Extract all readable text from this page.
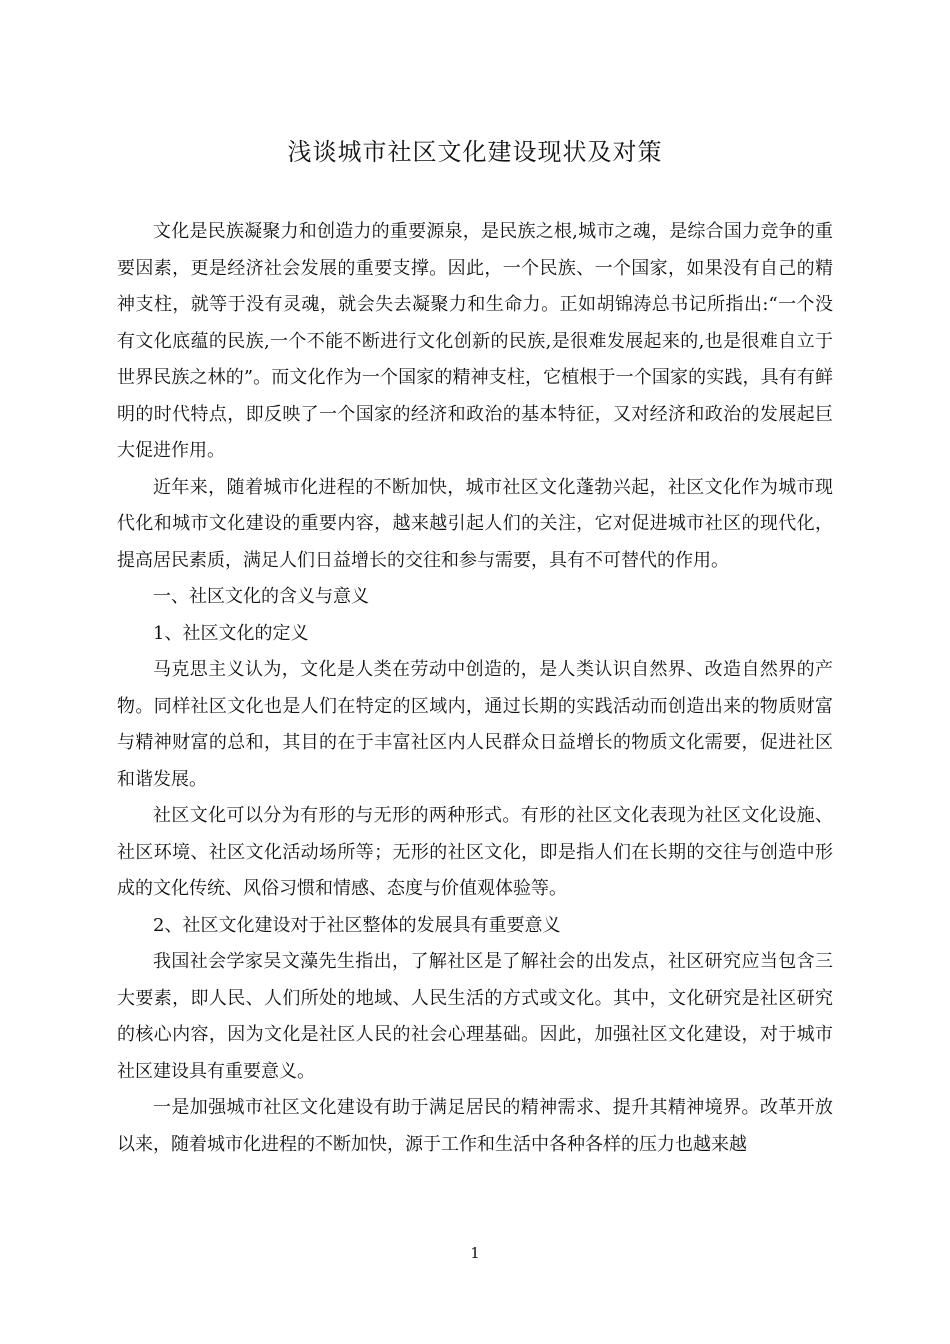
浅谈城市社区文化建设现状及对策

文化是民族凝聚力和创造力的重要源泉，是民族之根,城市之魂，是综合国力竞争的重要因素，更是经济社会发展的重要支撑。因此，一个民族、一个国家，如果没有自己的精神支柱，就等于没有灵魂，就会失去凝聚力和生命力。正如胡锦涛总书记所指出:“一个没有文化底蕴的民族,一个不能不断进行文化创新的民族,是很难发展起来的,也是很难自立于世界民族之林的”。而文化作为一个国家的精神支柱，它植根于一个国家的实践，具有有鲜明的时代特点，即反映了一个国家的经济和政治的基本特征，又对经济和政治的发展起巨大促进作用。

近年来，随着城市化进程的不断加快，城市社区文化蓬勃兴起，社区文化作为城市现代化和城市文化建设的重要内容，越来越引起人们的关注，它对促进城市社区的现代化，提高居民素质，满足人们日益增长的交往和参与需要，具有不可替代的作用。

一、社区文化的含义与意义

1、社区文化的定义

马克思主义认为，文化是人类在劳动中创造的，是人类认识自然界、改造自然界的产物。同样社区文化也是人们在特定的区域内，通过长期的实践活动而创造出来的物质财富与精神财富的总和，其目的在于丰富社区内人民群众日益增长的物质文化需要，促进社区和谐发展。

社区文化可以分为有形的与无形的两种形式。有形的社区文化表现为社区文化设施、社区环境、社区文化活动场所等；无形的社区文化，即是指人们在长期的交往与创造中形成的文化传统、风俗习惯和情感、态度与价值观体验等。

2、社区文化建设对于社区整体的发展具有重要意义

我国社会学家吴文藻先生指出，了解社区是了解社会的出发点，社区研究应当包含三大要素，即人民、人们所处的地域、人民生活的方式或文化。其中，文化研究是社区研究的核心内容，因为文化是社区人民的社会心理基础。因此，加强社区文化建设，对于城市社区建设具有重要意义。

一是加强城市社区文化建设有助于满足居民的精神需求、提升其精神境界。改革开放以来，随着城市化进程的不断加快，源于工作和生活中各种各样的压力也越来越

1
